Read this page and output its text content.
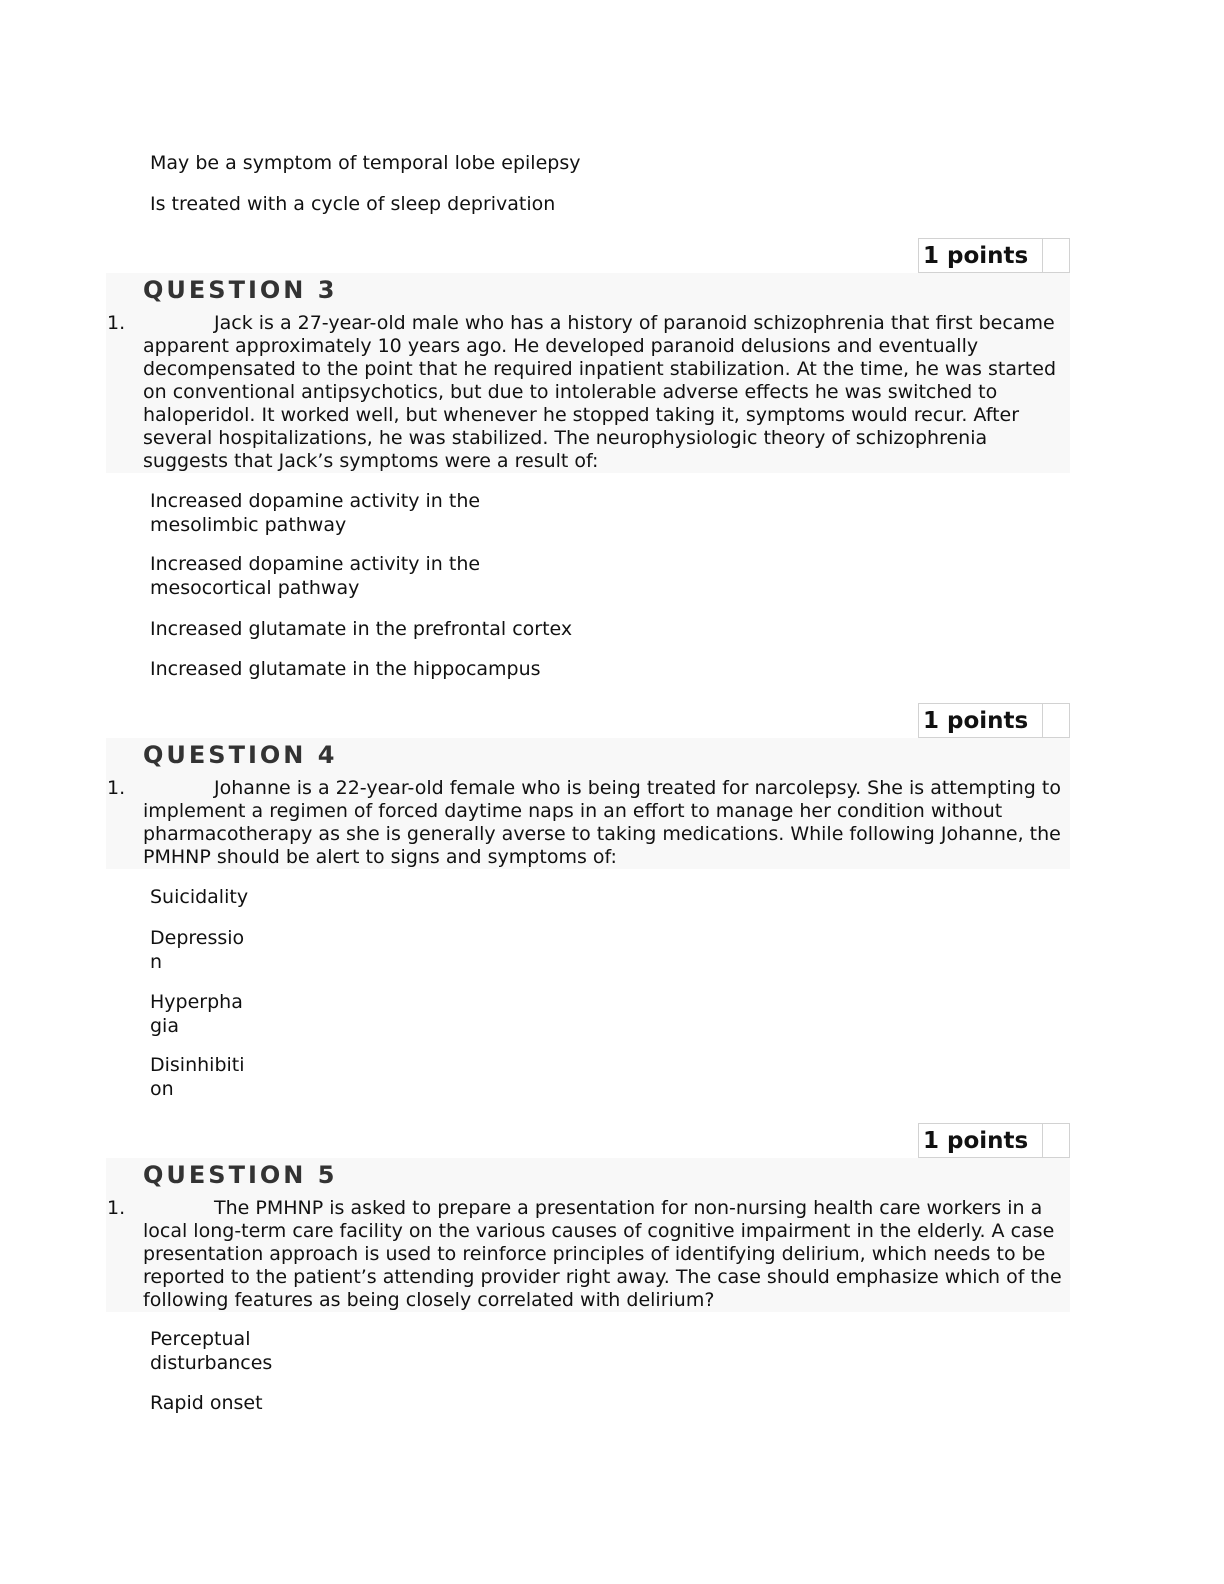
May be a symptom of temporal lobe epilepsy

Is treated with a cycle of sleep deprivation

1 points
QUESTION 3
1.	Jack is a 27-year-old male who has a history of paranoid schizophrenia that first became apparent approximately 10 years ago. He developed paranoid delusions and eventually decompensated to the point that he required inpatient stabilization. At the time, he was started on conventional antipsychotics, but due to intolerable adverse effects he was switched to haloperidol. It worked well, but whenever he stopped taking it, symptoms would recur. After several hospitalizations, he was stabilized. The neurophysiologic theory of schizophrenia suggests that Jack’s symptoms were a result of:

Increased dopamine activity in the
mesolimbic pathway

Increased dopamine activity in the
mesocortical pathway

Increased glutamate in the prefrontal cortex

Increased glutamate in the hippocampus

1 points
QUESTION 4
1.	Johanne is a 22-year-old female who is being treated for narcolepsy. She is attempting to implement a regimen of forced daytime naps in an effort to manage her condition without pharmacotherapy as she is generally averse to taking medications. While following Johanne, the PMHNP should be alert to signs and symptoms of:

Suicidality

Depressio
n

Hyperpha
gia

Disinhibiti
on

1 points
QUESTION 5
1.	The PMHNP is asked to prepare a presentation for non-nursing health care workers in a local long-term care facility on the various causes of cognitive impairment in the elderly. A case presentation approach is used to reinforce principles of identifying delirium, which needs to be reported to the patient’s attending provider right away. The case should emphasize which of the following features as being closely correlated with delirium?

Perceptual
disturbances

Rapid onset
